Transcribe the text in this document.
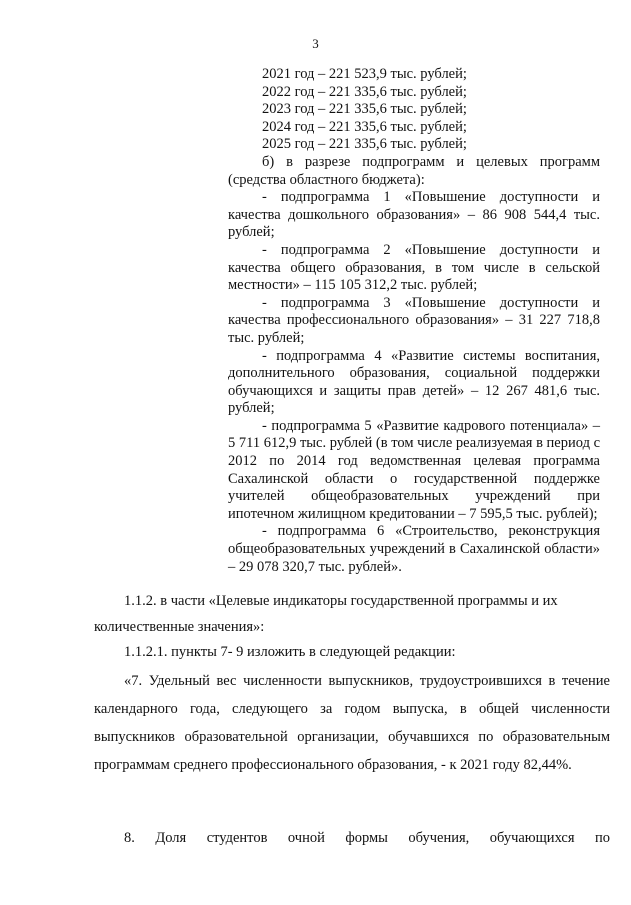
3

2021 год – 221 523,9 тыс. рублей;

2022 год – 221 335,6 тыс. рублей;

2023 год – 221 335,6 тыс. рублей;

2024 год – 221 335,6 тыс. рублей;

2025 год – 221 335,6 тыс. рублей;

б) в разрезе подпрограмм и целевых программ (средства областного бюджета):

- подпрограмма 1 «Повышение доступности и качества дошкольного образования» – 86 908 544,4 тыс. рублей;

- подпрограмма 2 «Повышение доступности и качества общего образования, в том числе в сельской местности» – 115 105 312,2 тыс. рублей;

- подпрограмма 3 «Повышение доступности и качества профессионального образования» – 31 227 718,8 тыс. рублей;

- подпрограмма 4 «Развитие системы воспитания, дополнительного образования, социальной поддержки обучающихся и защиты прав детей» – 12 267 481,6 тыс. рублей;

- подпрограмма 5 «Развитие кадрового потенциала» – 5 711 612,9 тыс. рублей (в том числе реализуемая в период с 2012 по 2014 год ведомственная целевая программа Сахалинской области о государственной поддержке учителей общеобразовательных учреждений при ипотечном жилищном кредитовании – 7 595,5 тыс. рублей);

- подпрограмма 6 «Строительство, реконструкция общеобразовательных учреждений в Сахалинской области» – 29 078 320,7 тыс. рублей».

1.1.2. в части «Целевые индикаторы государственной программы и их

количественные значения»:

1.1.2.1. пункты 7- 9 изложить в следующей редакции:

«7. Удельный вес численности выпускников, трудоустроившихся в течение календарного года, следующего за годом выпуска, в общей численности выпускников образовательной организации, обучавшихся по образовательным программам среднего профессионального образования, - к 2021 году 82,44%.

8. Доля студентов очной формы обучения, обучающихся по
